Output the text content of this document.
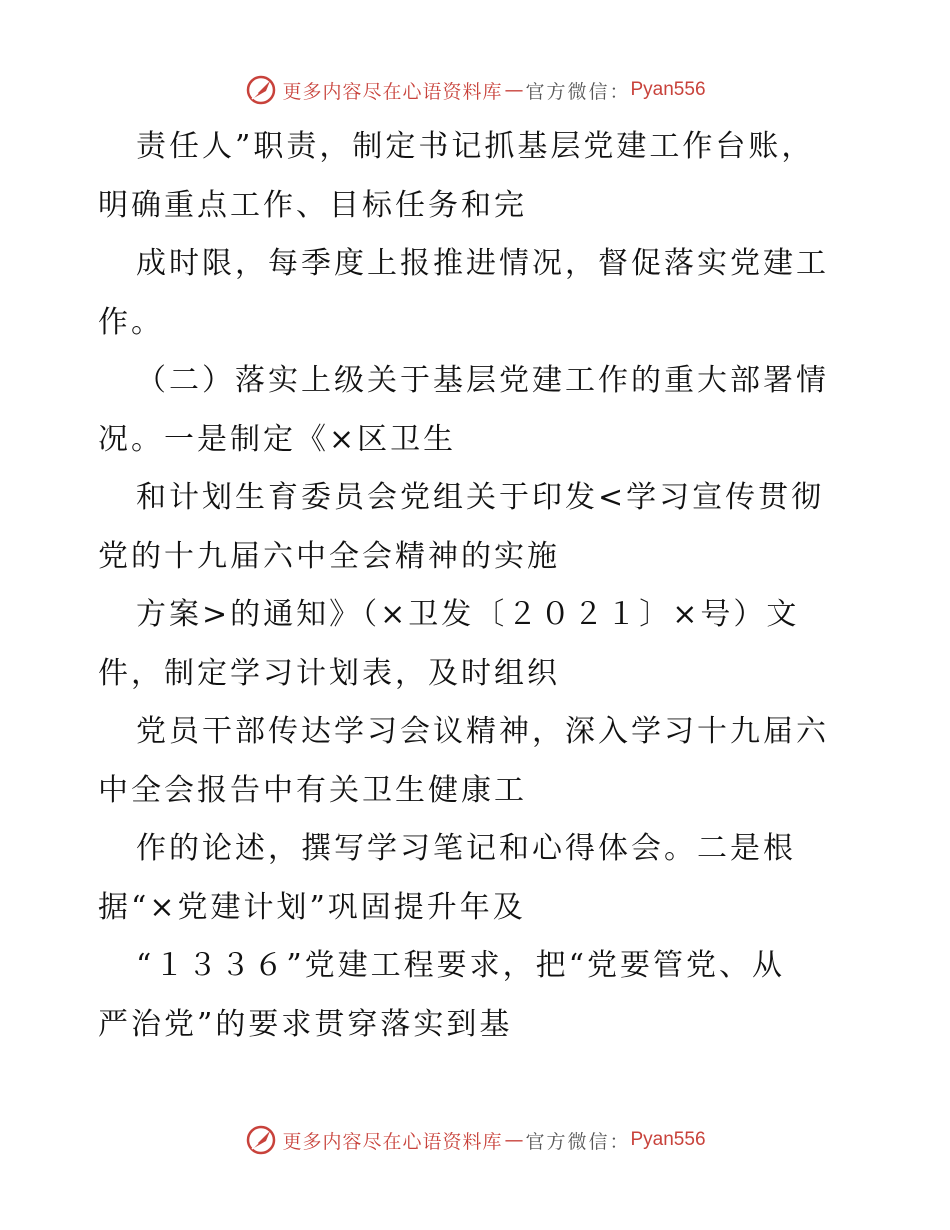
更多内容尽在心语资料库 — 官方微信： Pyan556
责任人”职责，制定书记抓基层党建工作台账，
明确重点工作、目标任务和完
成时限，每季度上报推进情况，督促落实党建工
作。
（二）落实上级关于基层党建工作的重大部署情
况。一是制定《×区卫生
和计划生育委员会党组关于印发<学习宣传贯彻
党的十九届六中全会精神的实施
方案>的通知》（×卫发〔２０２１〕×号）文
件，制定学习计划表，及时组织
党员干部传达学习会议精神，深入学习十九届六
中全会报告中有关卫生健康工
作的论述，撰写学习笔记和心得体会。二是根
据“×党建计划”巩固提升年及
“１３３６”党建工程要求，把“党要管党、从
严治党”的要求贯穿落实到基
更多内容尽在心语资料库 — 官方微信： Pyan556
